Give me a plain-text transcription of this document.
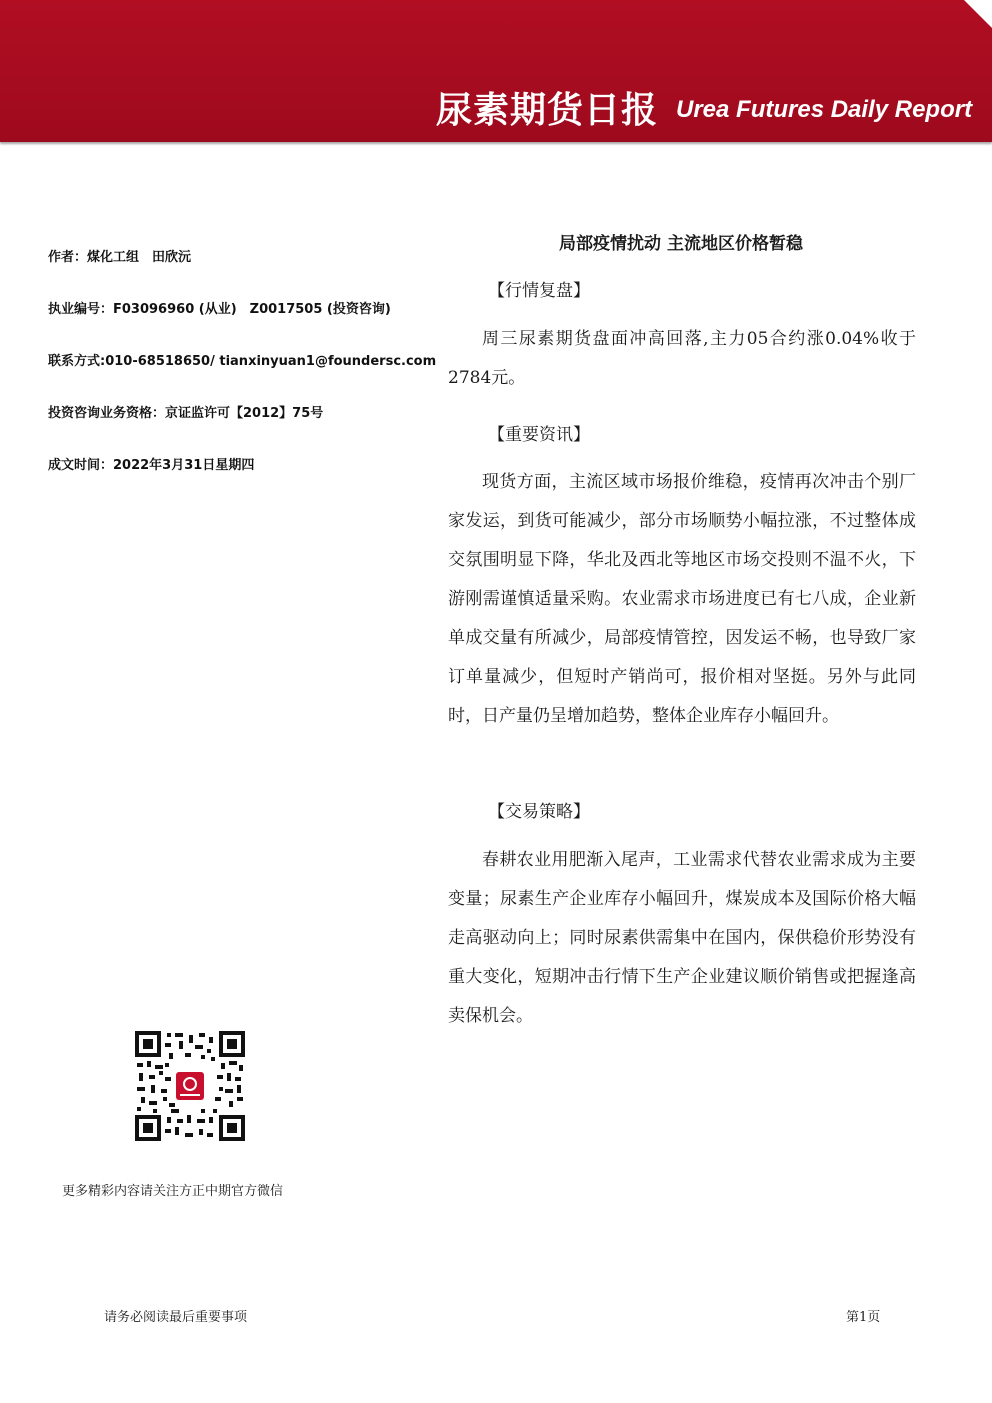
尿素期货日报 Urea Futures Daily Report
作者：煤化工组　田欣沅
执业编号：F03096960 (从业)　Z0017505 (投资咨询)
联系方式:010-68518650/ tianxinyuan1@foundersc.com
投资咨询业务资格：京证监许可【2012】75号
成文时间：2022年3月31日星期四
局部疫情扰动 主流地区价格暂稳
【行情复盘】
周三尿素期货盘面冲高回落,主力05合约涨0.04%收于2784元。
【重要资讯】
现货方面，主流区域市场报价维稳，疫情再次冲击个别厂家发运，到货可能减少，部分市场顺势小幅拉涨，不过整体成交氛围明显下降，华北及西北等地区市场交投则不温不火，下游刚需谨慎适量采购。农业需求市场进度已有七八成，企业新单成交量有所减少，局部疫情管控，因发运不畅，也导致厂家订单量减少，但短时产销尚可，报价相对坚挺。另外与此同时，日产量仍呈增加趋势，整体企业库存小幅回升。
【交易策略】
春耕农业用肥渐入尾声，工业需求代替农业需求成为主要变量；尿素生产企业库存小幅回升，煤炭成本及国际价格大幅走高驱动向上；同时尿素供需集中在国内，保供稳价形势没有重大变化，短期冲击行情下生产企业建议顺价销售或把握逢高卖保机会。
更多精彩内容请关注方正中期官方微信
请务必阅读最后重要事项	第1页
